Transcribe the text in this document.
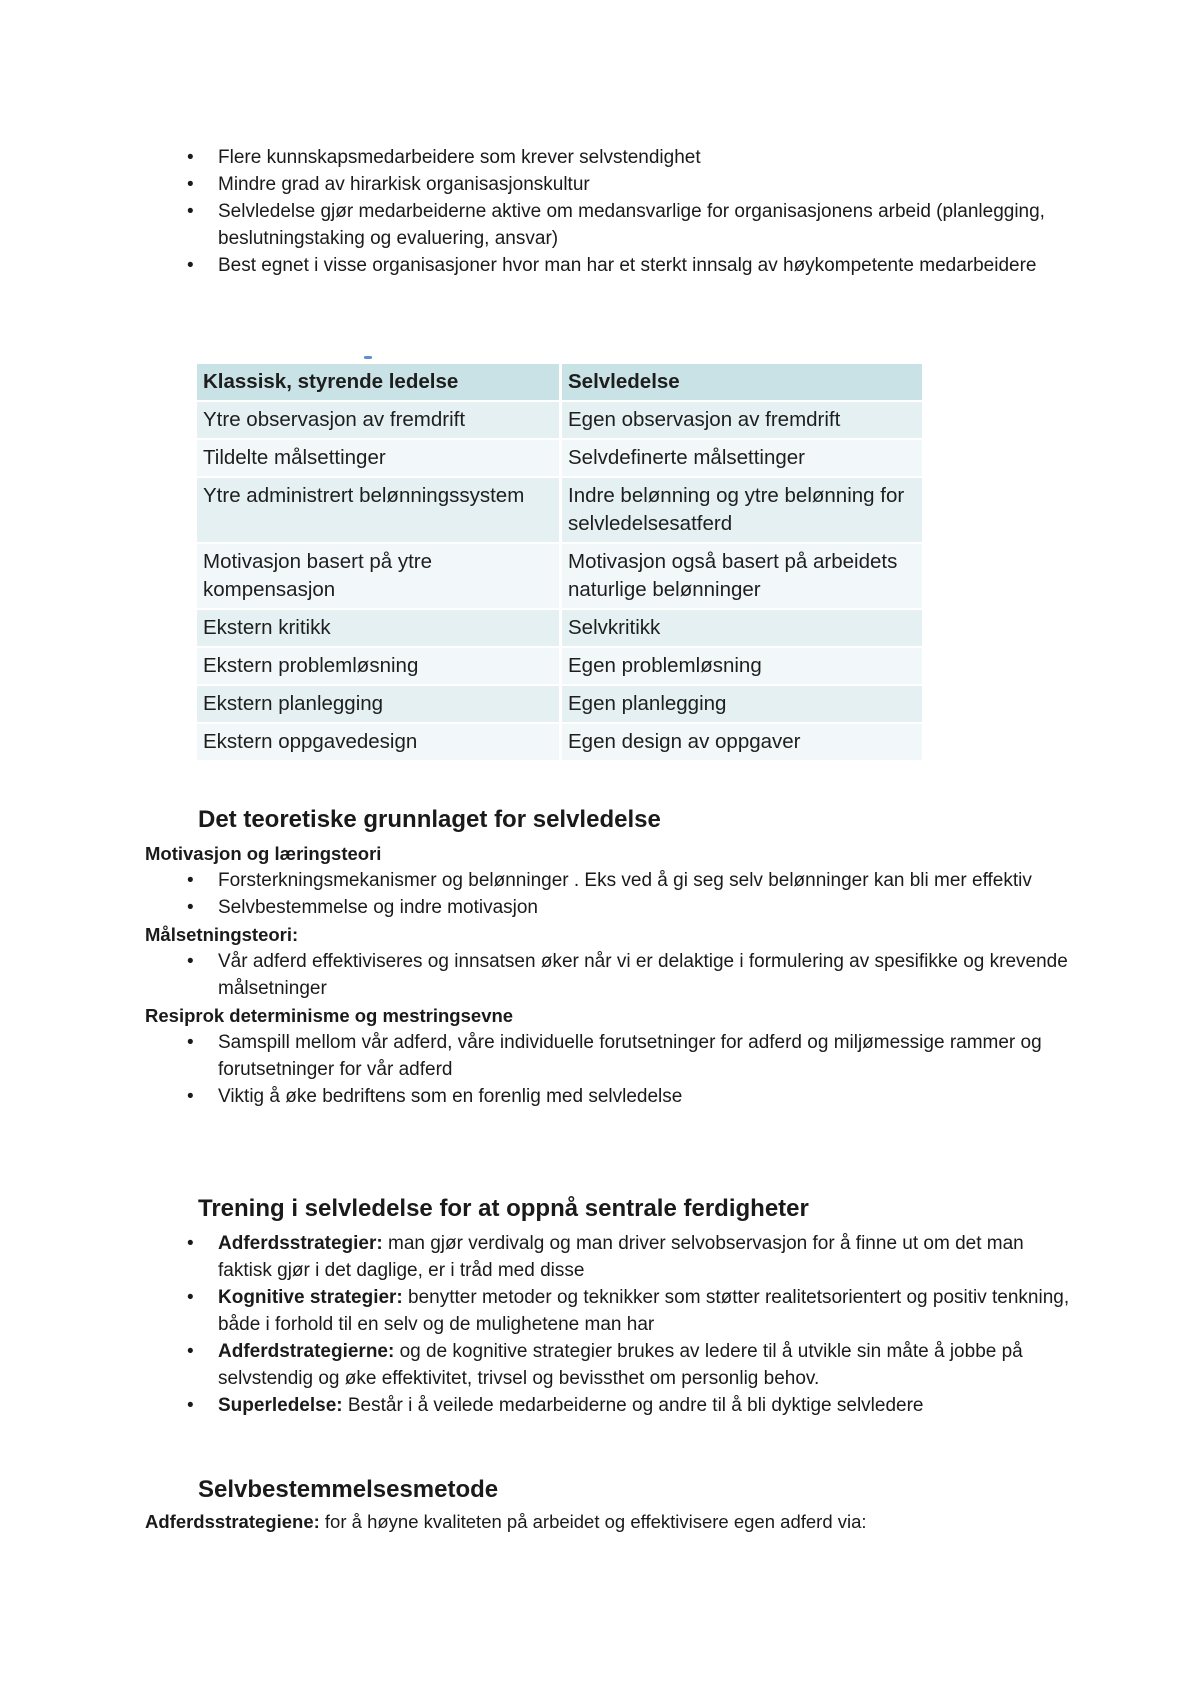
• Flere kunnskapsmedarbeidere som krever selvstendighet
• Mindre grad av hirarkisk organisasjonskultur
• Selvledelse gjør medarbeiderne aktive om medansvarlige for organisasjonens arbeid (planlegging, beslutningstaking og evaluering, ansvar)
• Best egnet i visse organisasjoner hvor man har et sterkt innsalg av høykompetente medarbeidere
Klassisk, styrende ledelse	Selvledelse
Ytre observasjon av fremdrift	Egen observasjon av fremdrift
Tildelte målsettinger	Selvdefinerte målsettinger
Ytre administrert belønningssystem	Indre belønning og ytre belønning for selvledelsesatferd
Motivasjon basert på ytre kompensasjon	Motivasjon også basert på arbeidets naturlige belønninger
Ekstern kritikk	Selvkritikk
Ekstern problemløsning	Egen problemløsning
Ekstern planlegging	Egen planlegging
Ekstern oppgavedesign	Egen design av oppgaver
Det teoretiske grunnlaget for selvledelse
Motivasjon og læringsteori
• Forsterkningsmekanismer og belønninger . Eks ved å gi seg selv belønninger kan bli mer effektiv
• Selvbestemmelse og indre motivasjon
Målsetningsteori:
• Vår adferd effektiviseres og innsatsen øker når vi er delaktige i formulering av spesifikke og krevende målsetninger
Resiprok determinisme og mestringsevne
• Samspill mellom vår adferd, våre individuelle forutsetninger for adferd og miljømessige rammer og forutsetninger for vår adferd
• Viktig å øke bedriftens som en forenlig med selvledelse
Trening i selvledelse for at oppnå sentrale ferdigheter
• Adferdsstrategier: man gjør verdivalg og man driver selvobservasjon for å finne ut om det man faktisk gjør i det daglige, er i tråd med disse
• Kognitive strategier: benytter metoder og teknikker som støtter realitetsorientert og positiv tenkning, både i forhold til en selv og de mulighetene man har
• Adferdstrategierne: og de kognitive strategier brukes av ledere til å utvikle sin måte å jobbe på selvstendig og øke effektivitet, trivsel og bevissthet om personlig behov.
• Superledelse: Består i å veilede medarbeiderne og andre til å bli dyktige selvledere
Selvbestemmelsesmetode
Adferdsstrategiene: for å høyne kvaliteten på arbeidet og effektivisere egen adferd via:
